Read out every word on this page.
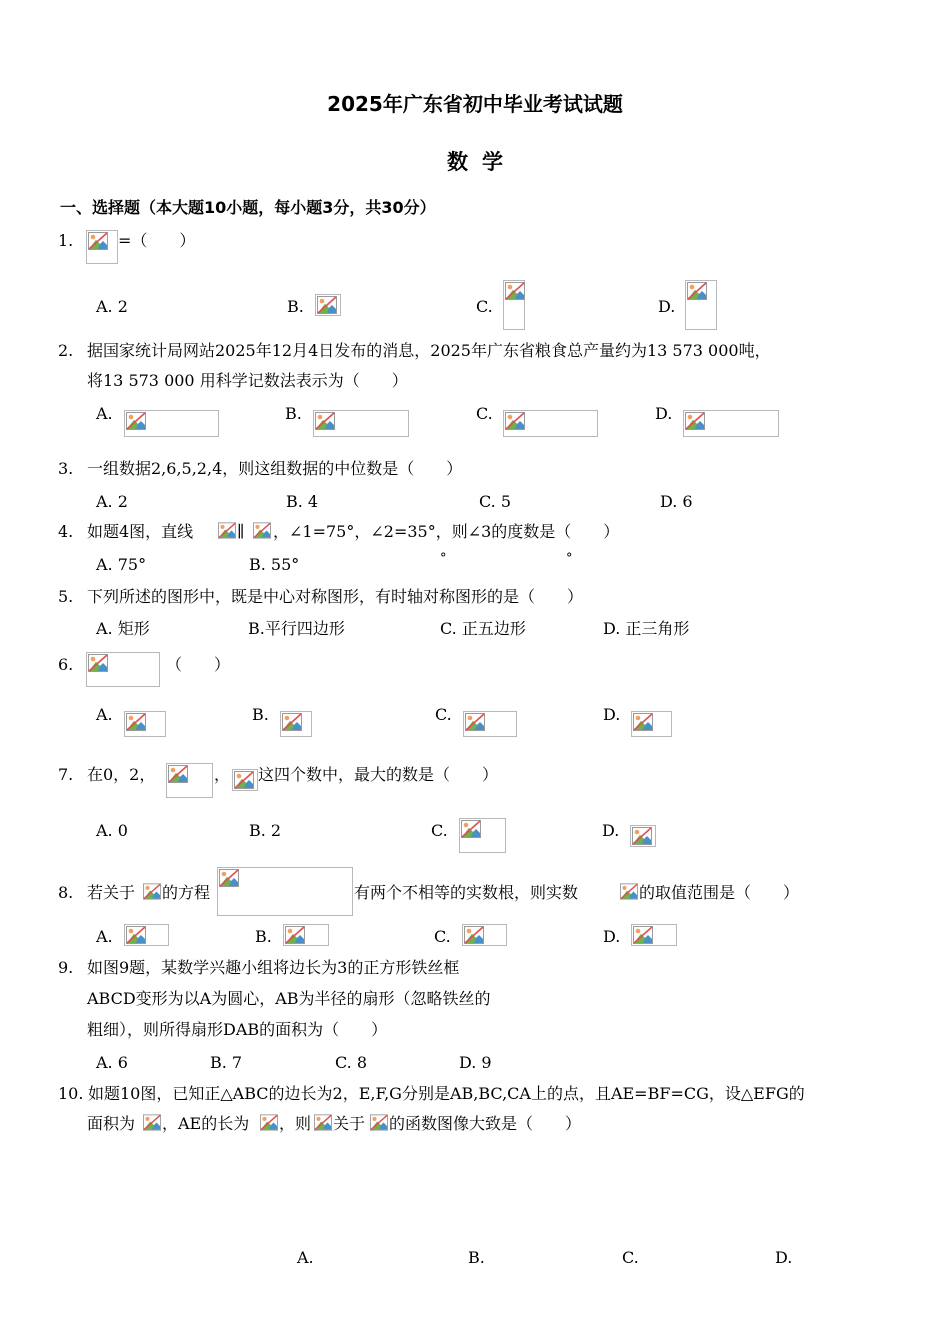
2025年广东省初中毕业考试试题
数学
一、选择题（本大题10小题，每小题3分，共30分）
1.	=（　　）
A. 2	B.	C.	D.
2. 据国家统计局网站2025年12月4日发布的消息，2025年广东省粮食总产量约为13 573 000吨，
将13 573 000 用科学记数法表示为（　　）
A.	B.	C.	D.
3. 一组数据2,6,5,2,4，则这组数据的中位数是（　　）
A. 2	B. 4	C. 5	D. 6
4. 如题4图，直线	∥ ，∠1=75°，∠2=35°，则∠3的度数是（　　）
A. 75°	B. 55°	°	°
5. 下列所述的图形中，既是中心对称图形，有时轴对称图形的是（　　）
A. 矩形	B.平行四边形	C. 正五边形	D. 正三角形
6.	（　　）
A.	B.	C.	D.
7. 在0，2，	， 这四个数中，最大的数是（　　）
A. 0	B. 2	C.	D.
8. 若关于 的方程	有两个不相等的实数根，则实数	的取值范围是（　　）
A.	B.	C.	D.
9. 如图9题，某数学兴趣小组将边长为3的正方形铁丝框
ABCD变形为以A为圆心，AB为半径的扇形（忽略铁丝的
粗细），则所得扇形DAB的面积为（　　）
A. 6	B. 7	C. 8	D. 9
10. 如题10图，已知正△ABC的边长为2，E,F,G分别是AB,BC,CA上的点，且AE=BF=CG，设△EFG的
面积为 ，AE的长为 ，则 关于 的函数图像大致是（　　）
A.	B.	C.	D.
